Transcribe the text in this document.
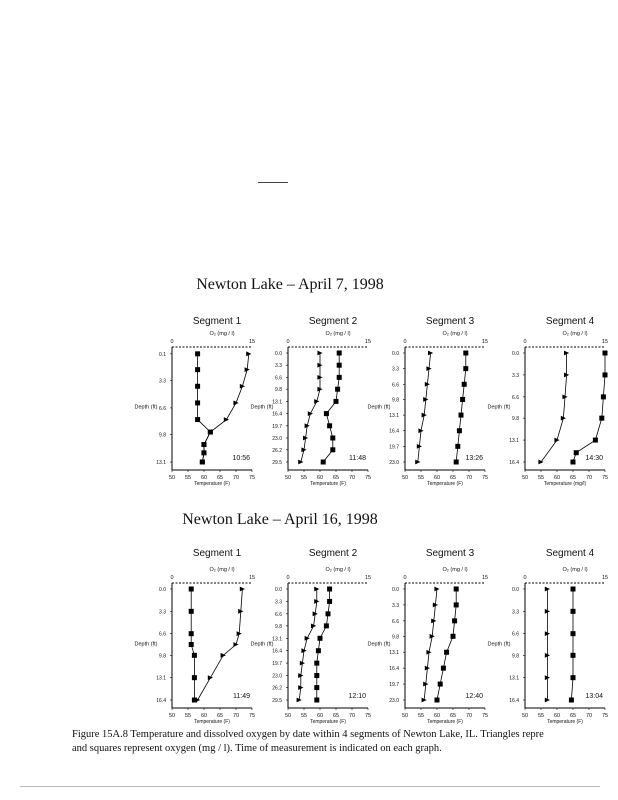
Newton Lake – April 7, 1998
Newton Lake – April 16, 1998
Segment 1
O₂ (mg / l)
0	15
50 55 60 65 70 75
Temperature (F)
0.1
3.3
6.6
9.8
13.1
Depth (ft)
10:56
Segment 2
O₂ (mg / l)
0	15
50 55 60 65 70 75
Temperature (F)
0.0
3.3
6.6
9.8
13.1
16.4
19.7
23.0
26.2
29.5
Depth (ft)
11:48
Segment 3
O₂ (mg / l)
0	15
50 55 60 65 70 75
Temperature (F)
0.0
3.3
6.6
9.8
13.1
16.4
19.7
23.0
Depth (ft)
13:26
Segment 4
O₂ (mg / l)
0	15
50 55 60 65 70 75
Temperature (mg/l)
0.0
3.3
6.6
9.8
13.1
16.4
Depth (ft)
14:30
Segment 1
O₂ (mg / l)
0	15
50 55 60 65 70 75
Temperature (F)
0.0
3.3
6.6
9.8
13.1
16.4
Depth (ft)
11:49
Segment 2
O₂ (mg / l)
0	15
50 55 60 65 70 75
Temperature (F)
0.0
3.3
6.6
9.8
13.1
16.4
19.7
23.0
26.2
29.5
Depth (ft)
12:10
Segment 3
O₂ (mg / l)
0	15
50 55 60 65 70 75
Temperature (F)
0.0
3.3
6.6
9.8
13.1
16.4
19.7
23.0
Depth (ft)
12:40
Segment 4
O₂ (mg / l)
0	15
50 55 60 65 70 75
Temperature (F)
0.0
3.3
6.6
9.8
13.1
16.4
Depth (ft)
13:04
Figure 15A.8 Temperature and dissolved oxygen by date within 4 segments of Newton Lake, IL. Triangles repre
and squares represent oxygen (mg / l). Time of measurement is indicated on each graph.
